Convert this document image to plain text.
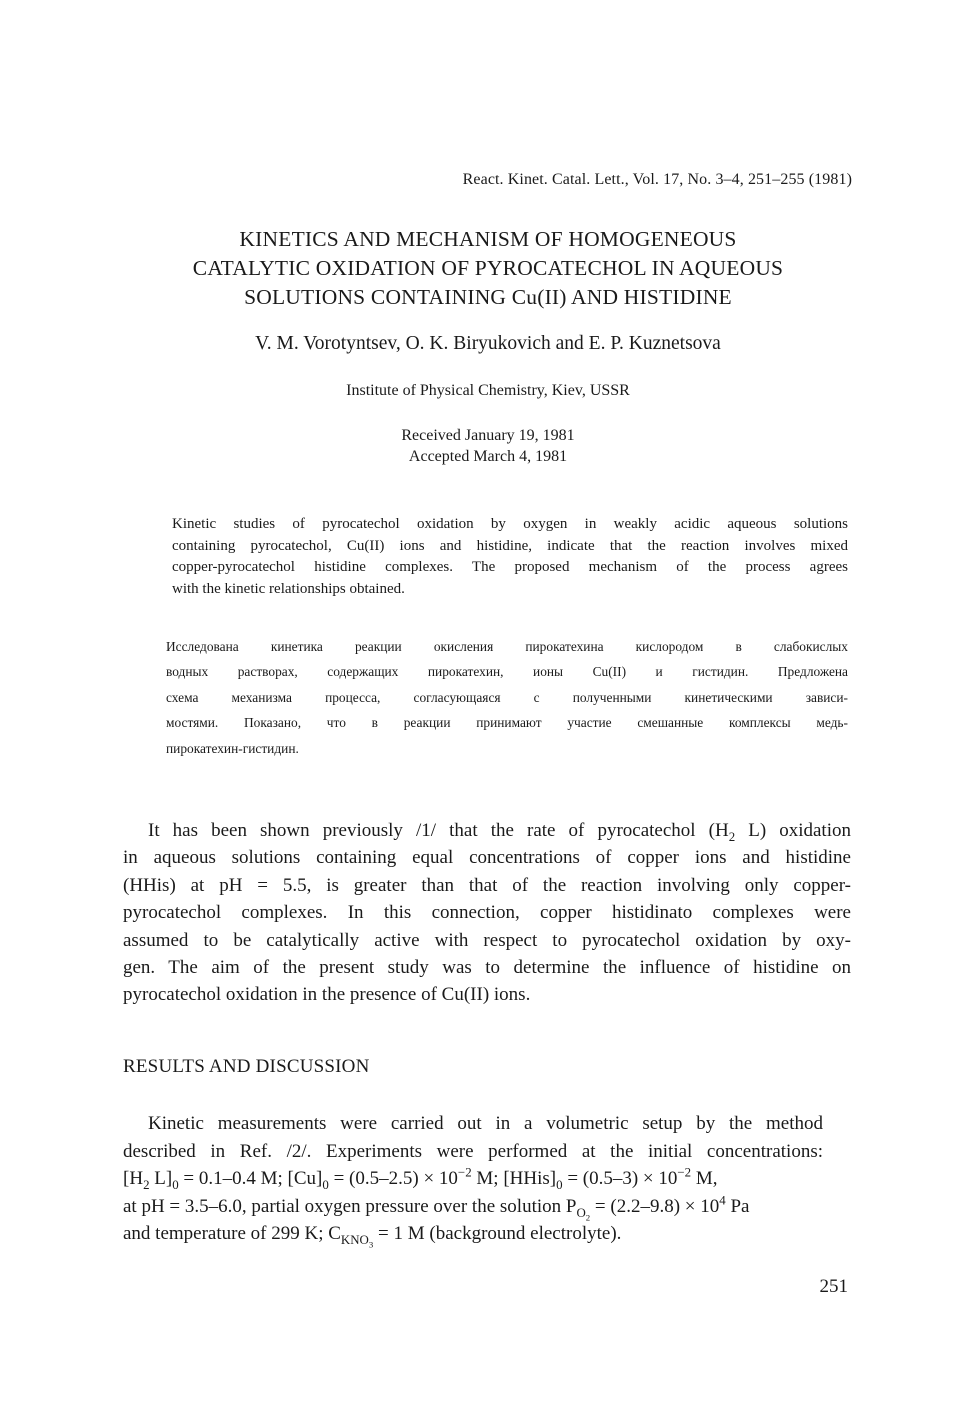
React. Kinet. Catal. Lett., Vol. 17, No. 3–4, 251–255 (1981)
KINETICS AND MECHANISM OF HOMOGENEOUS
CATALYTIC OXIDATION OF PYROCATECHOL IN AQUEOUS
SOLUTIONS CONTAINING Cu(II) AND HISTIDINE
V. M. Vorotyntsev, O. K. Biryukovich and E. P. Kuznetsova
Institute of Physical Chemistry, Kiev, USSR
Received January 19, 1981
Accepted March 4, 1981
Kinetic studies of pyrocatechol oxidation by oxygen in weakly acidic aqueous solutions
containing pyrocatechol, Cu(II) ions and histidine, indicate that the reaction involves mixed
copper-pyrocatechol histidine complexes. The proposed mechanism of the process agrees
with the kinetic relationships obtained.
Исследована кинетика реакции окисления пирокатехина кислородом в слабокислых
водных растворах, содержащих пирокатехин, ионы Cu(II) и гистидин. Предложена
схема механизма процесса, согласующаяся с полученными кинетическими зависи-
мостями. Показано, что в реакции принимают участие смешанные комплексы медь-
пирокатехин-гистидин.
It has been shown previously /1/ that the rate of pyrocatechol ($H_2$ L) oxidation
in aqueous solutions containing equal concentrations of copper ions and histidine
(HHis) at pH = 5.5, is greater than that of the reaction involving only copper-
pyrocatechol complexes. In this connection, copper histidinato complexes were
assumed to be catalytically active with respect to pyrocatechol oxidation by oxy-
gen. The aim of the present study was to determine the influence of histidine on
pyrocatechol oxidation in the presence of Cu(II) ions.
RESULTS AND DISCUSSION
Kinetic measurements were carried out in a volumetric setup by the method
described in Ref. /2/. Experiments were performed at the initial concentrations:
[$H_2$ $L]_0 = 0.1-0.4$ M; $[Cu]_0 = (0.5-2.5) \times 10^{-2}$ M; $[HHis]_0 = (0.5-3) \times 10^{-2}$ M,
at pH = 3.5–6.0, partial oxygen pressure over the solution $P_{O_2} = (2.2-9.8) \times 10^4$ Pa
and temperature of 299 K; $C_{KNO_3} = 1$ M (background electrolyte).
251
